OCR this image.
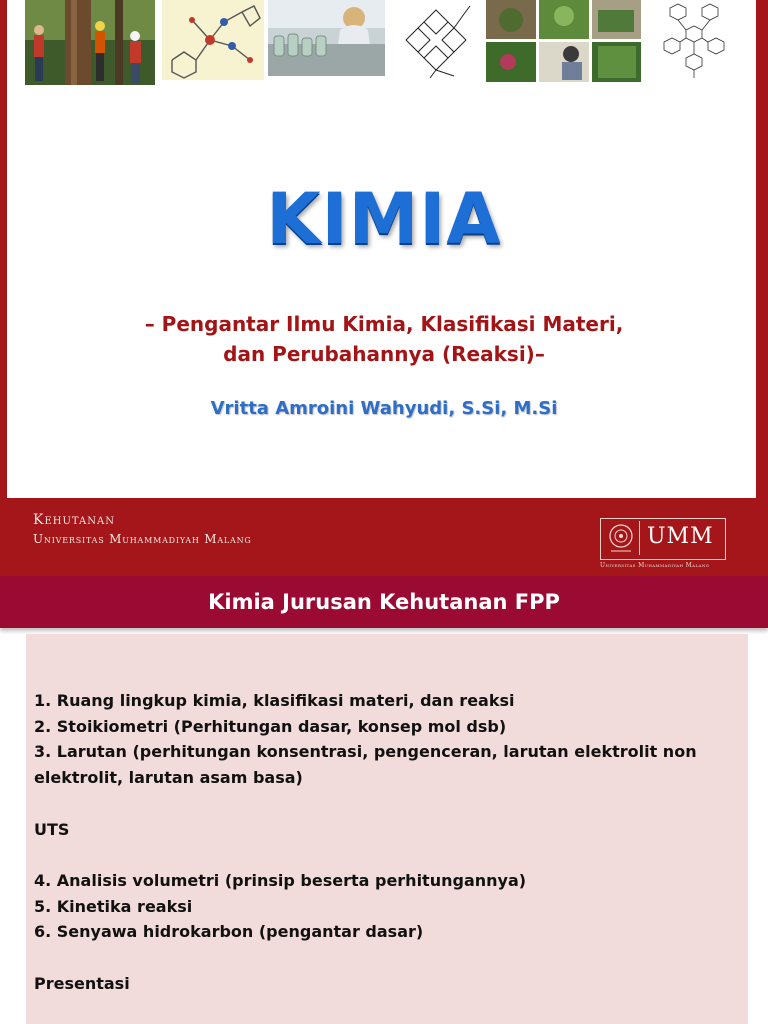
KIMIA
– Pengantar Ilmu Kimia, Klasifikasi Materi,
dan Perubahannya (Reaksi)–
Vritta Amroini Wahyudi, S.Si, M.Si
Kehutanan
Universitas Muhammadiyah Malang	UMM
Universitas Muhammadiyah Malang
Kimia Jurusan Kehutanan FPP
1. Ruang lingkup kimia, klasifikasi materi, dan reaksi
2. Stoikiometri (Perhitungan dasar, konsep mol dsb)
3. Larutan (perhitungan konsentrasi, pengenceran, larutan elektrolit non elektrolit, larutan asam basa)
UTS
4. Analisis volumetri (prinsip beserta perhitungannya)
5. Kinetika reaksi
6. Senyawa hidrokarbon (pengantar dasar)
Presentasi
